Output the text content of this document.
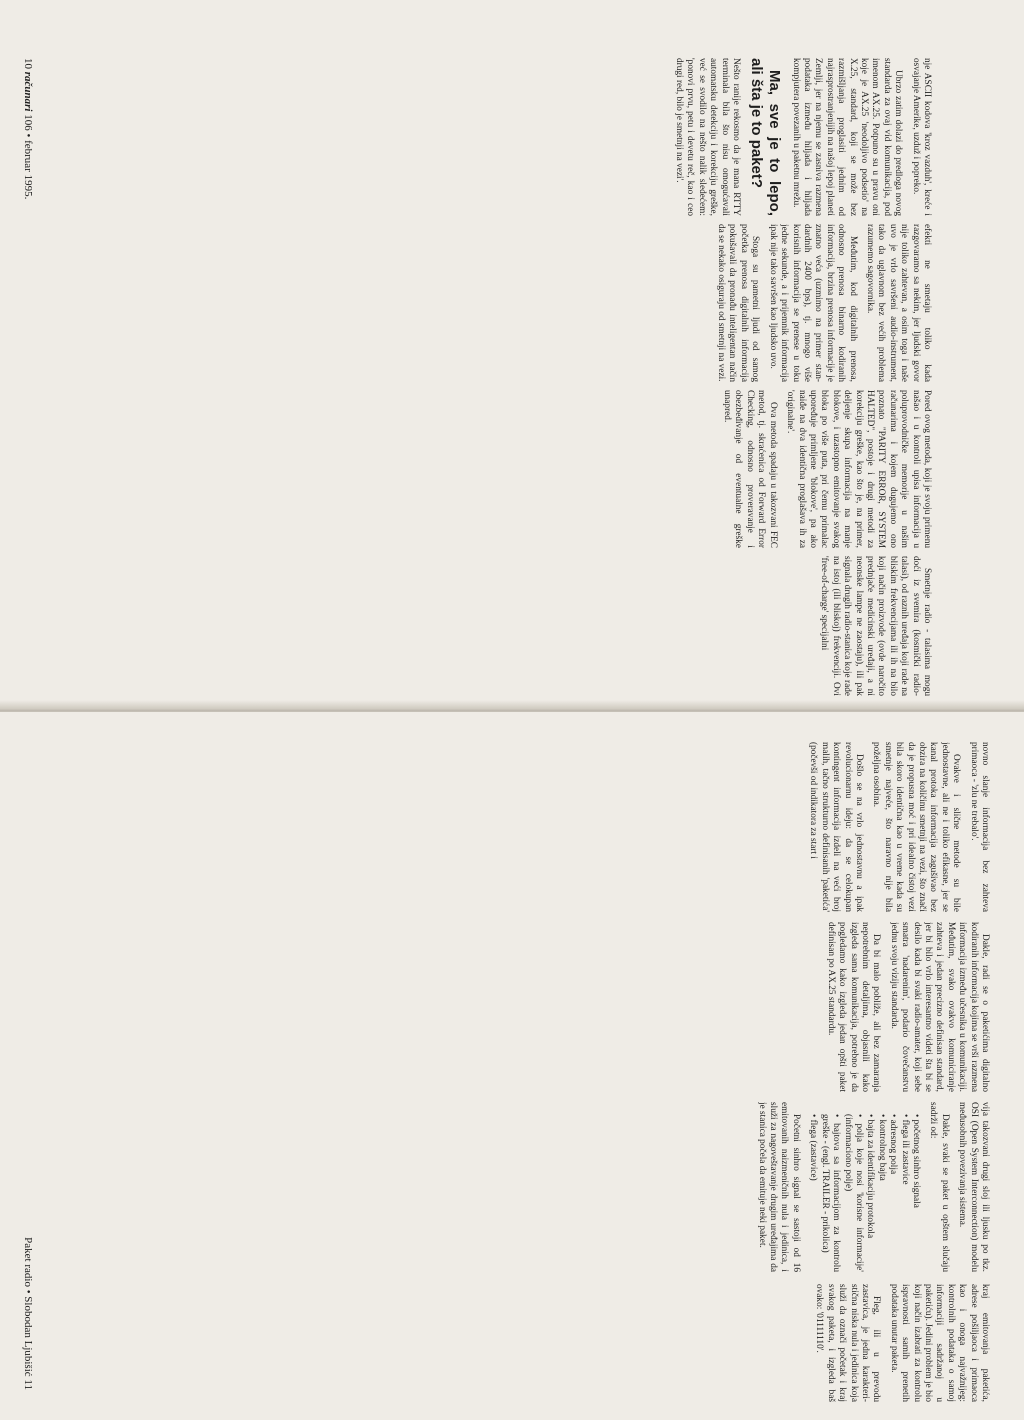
nje ASCII kodova 'kroz vazduh', kreće i osvajanje Amerike, uzduž i popreko.

Ubrzo zatim dolazi do predloga novog standarda za ovaj vid komunikacija, pod imenom AX.25. Potpuno su u pravu oni koje je AX.25 'neodoljivo podsetio' na X.25, standard, koji se može bez razmišljanja proglasiti jednim od najrasprostranjenijih na našoj lepoj planeti Zemlji, jer na njemu se zasniva razmena podataka između hiljada i hiljada kompjutera povezanih u paketnu mrežu.

Ma, sve je to lepo, ali šta je to paket?

Nešto ranije rekosmo da je mana RTTY terminala bila što nisu omogućavali automatsku detekciju i korekciju greške, već se svodilo na nešto nalik sledećem: 'ponovi prvu, petu i devetu reč, kao i ceo drugi red, bilo je smetnji na vezi'.

efekti ne smetaju toliko kada razgovaramo sa nekim, jer ljudski govor nije toliko zahtevan, a osim toga i naše uvo je vrlo savršeni audio-instrument, tako da uglavnom bez većih problema razumemo sagovornika.

Međutim, kod digitalnih prenosa, odnosno prenosa binarno kodiranih informacija, brzina prenosa informacije je znatno veća (uzmimo na primer standardnih 2400 bps), tj. mnogo više korisnih informacija se prenese u toku jedne sekunde, a i prijemnik informacija ipak nije tako savršen kao ljudsko uvo.

Stoga su pametni ljudi od samog početka prenosa digitalnih informacija pokušavali da pronađu inteligentan način da se nekako osiguraju od smetnji na vezi.

Pored ovog metoda, koji je svoju primenu našao i u kontroli upisa informacija u poluprovodničke memorije u našim računarima i kojem dugujemo ono poznato "PARITY ERROR, SYSTEM HALTED", postoje i drugi metodi za korekciju greške, kao što je, na primer, deljenje skupa informacija na manje blokove, i uzastopno emitovanje svakog bloka po više puta, pri čemu primalac upoređuje primljene 'blokove', pa ako naiđe na dva identična proglašava ih za 'originalne'.

Ova metoda spadaju u takozvani FEC metod, tj. skraćenica od Forward Error Checking, odnosno proveravanje i obezbeđivanje od eventualne greške unapred.

Smetnje radio - talasima mogu doći iz svemira (kosmički radio-talasi), od raznih uređaja koji rade na bliskim frekvencijama ili ih na bilo koji način proizvode (ovde naročito prednjače medicinski uređaji, a ni neonske lampe ne zaostaju), ili pak signala drugih radio-stanica koje rade na istoj (ili bliskoj) frekvenciji. Ovi 'free-of-charge' specijalni

10 računari 106 • februar 1995.

novno slanje informacija bez zahteva primaoca - 'zlu ne trebalo'.

Ovakve i slične metode su bile jednostavne, ali ne i toliko efikasne, jer se kanal protoka informacija zagušivao bez obzira na količinu smetnji na vezi, što znači da je propusna moć i pri idealno čistoj vezi bila skoro identična kao u vreme kada su smetnje najveće, što naravno nije bila poželjna osobina.

Došlo se na vrlo jednostavnu a ipak revolucionarnu ideju: da se celokupan kontingent informacija izdeli na veći broj malih, tačno strukturno definisanih 'paketića' (počevši od indikatora za start i

Dakle, radi se o paketićima digitalno kodiranih informacija kojima se vrši razmena informacija između učesnika u komunikaciji. Međutim, svako ovakvo komuniciranje zahteva i jedan precizno definisan standard, jer bi bilo vrlo interesantno videti šta bi se desilo kada bi svaki radio-amater, koji sebe smatra 'nadarenim', podario čovečanstvu jednu svoju viziju standarda.

Da bi malo pobliže, ali bez zamaranja nepotrebnim detaljima, objasnili kako izgleda sama komunikacija, potrebno je da pogledamo kako izgleda jedan opšti paket definisan po AX.25 standardu.

vija takozvani drugi sloj ili ljusku po tkz. OSI (Open System Interconnection) modelu međusobnih povezivanja sistema.

Dakle, svaki se paket u opštem slučaju sadrži od:

• početnog sinhro signala
• flega ili zastavice
• adresnog polja
• kontrolnog bajta
• bajta za identifikaciju protokola
• polja koje nosi 'korisne informacije' (informaciono polje)
• bajtova sa informacijom za kontrolu greške - (engl. TRAILER - prikolica)
• flega (zastavice)

Početni sinhro signal se sastoji od 16 emitovanih naizmeničnih nula i jedinica, i služi za nagoveštavanje drugim uređajima da je stanica počela da emituje neki paket.

kraj emitovanja paketića, adrese pošiljaoca i primaoca kao i onoga najvažnijeg: kontrolnih podataka o samoj informaciji sadržanoj u paketiću). Jedini problem je bio koji način izabrati za kontrolu ispravnosti samih prenetih podataka unutar paketa.

Fleg, ili u prevodu zastavica, je jedna karakteristična niska nula i jedinica koja služi da označi početak i kraj svakog paketa, i izgleda baš ovako: '01111110'.

Paket radio • Slobodan Ljubišić 11
